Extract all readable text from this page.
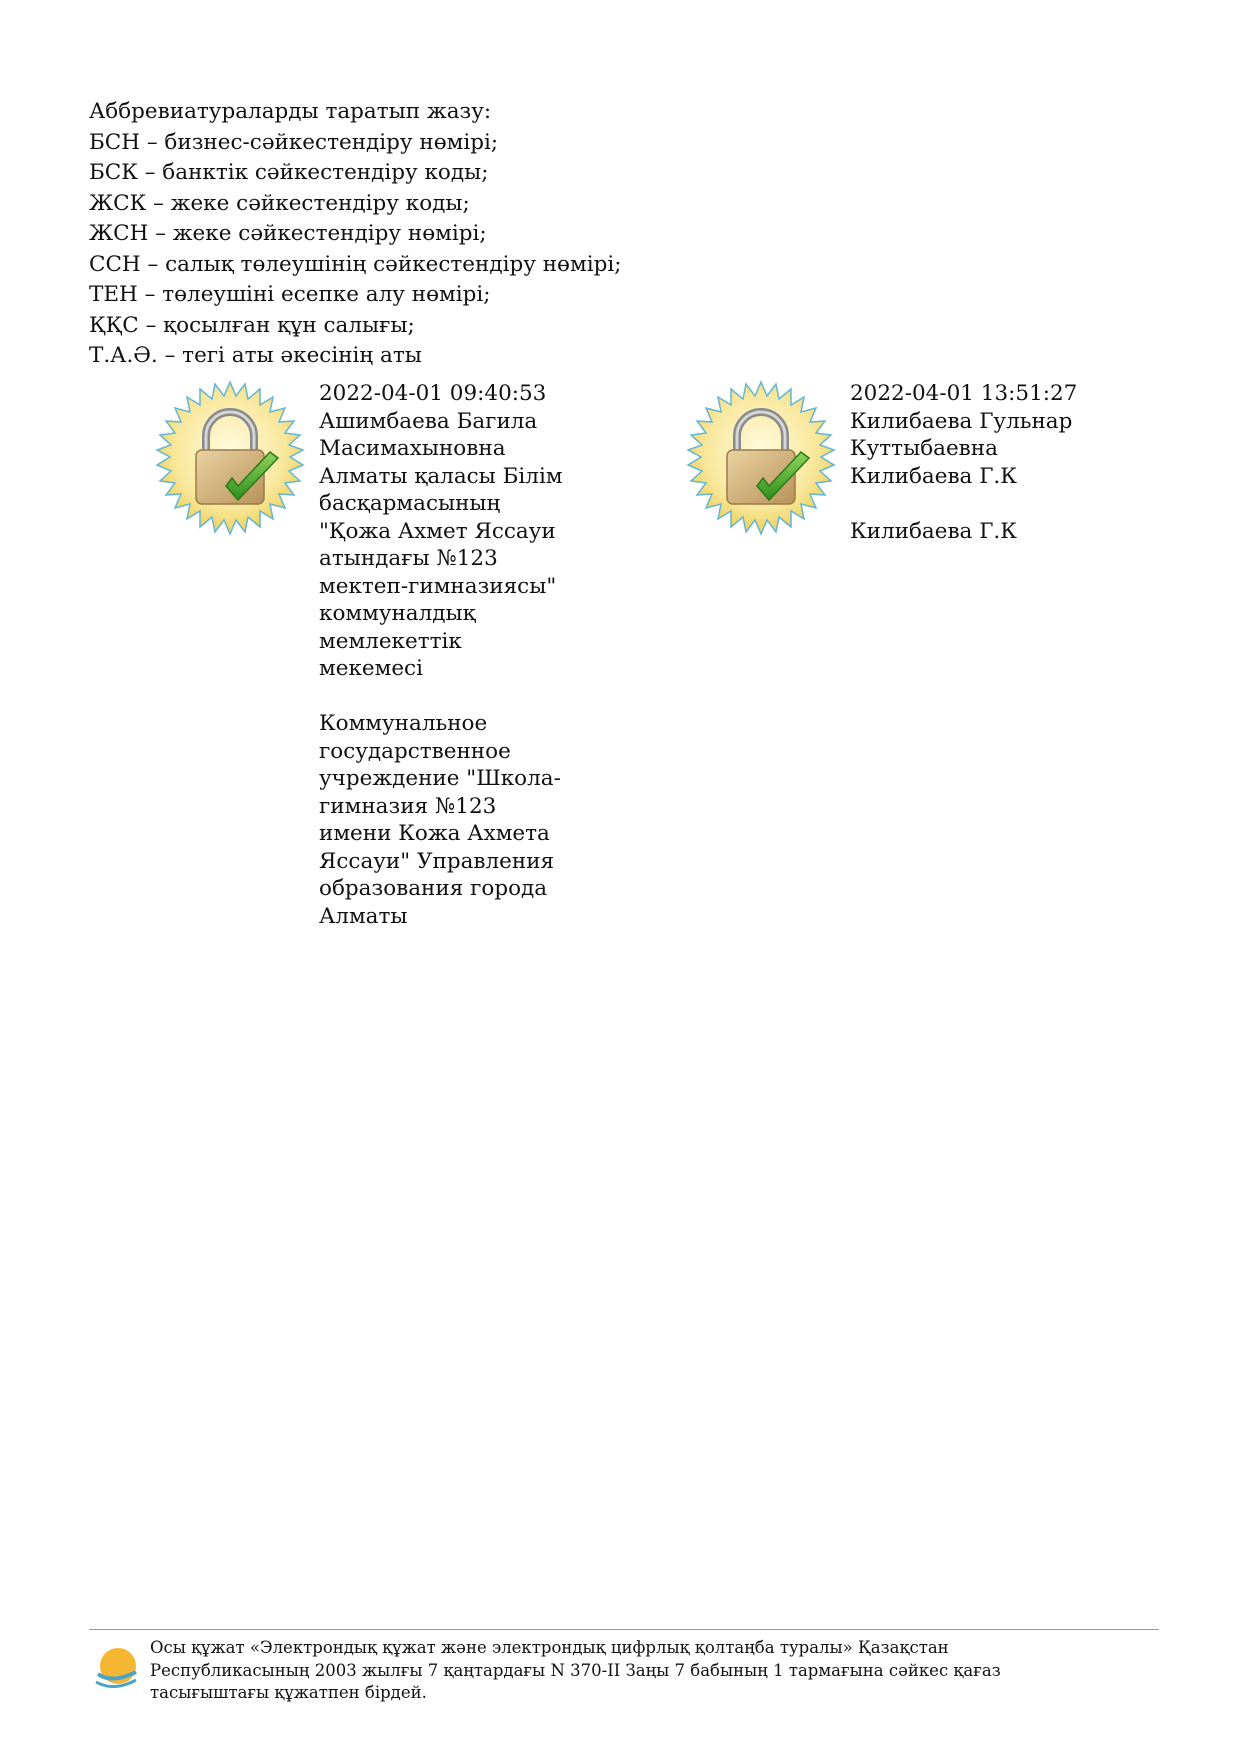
Аббревиатураларды таратып жазу:
БСН – бизнес-сәйкестендіру нөмірі;
БСК – банктік сәйкестендіру коды;
ЖСК – жеке сәйкестендіру коды;
ЖСН – жеке сәйкестендіру нөмірі;
ССН – салық төлеушінің сәйкестендіру нөмірі;
ТЕН – төлеушіні есепке алу нөмірі;
ҚҚС – қосылған құн салығы;
Т.А.Ә. – тегі аты әкесінің аты
2022-04-01 09:40:53
Ашимбаева Багила
Масимахыновна
Алматы қаласы Білім
басқармасының
"Қожа Ахмет Яссауи
атындағы №123
мектеп-гимназиясы"
коммуналдық
мемлекеттік
мекемесі

Коммунальное
государственное
учреждение "Школа-
гимназия №123
имени Кожа Ахмета
Яссауи" Управления
образования города
Алматы
2022-04-01 13:51:27
Килибаева Гульнар
Куттыбаевна
Килибаева Г.К

Килибаева Г.К
Осы құжат «Электрондық құжат және электрондық цифрлық қолтаңба туралы» Қазақстан Республикасының 2003 жылғы 7 қаңтардағы N 370-II Заңы 7 бабының 1 тармағына сәйкес қағаз тасығыштағы құжатпен бірдей.
